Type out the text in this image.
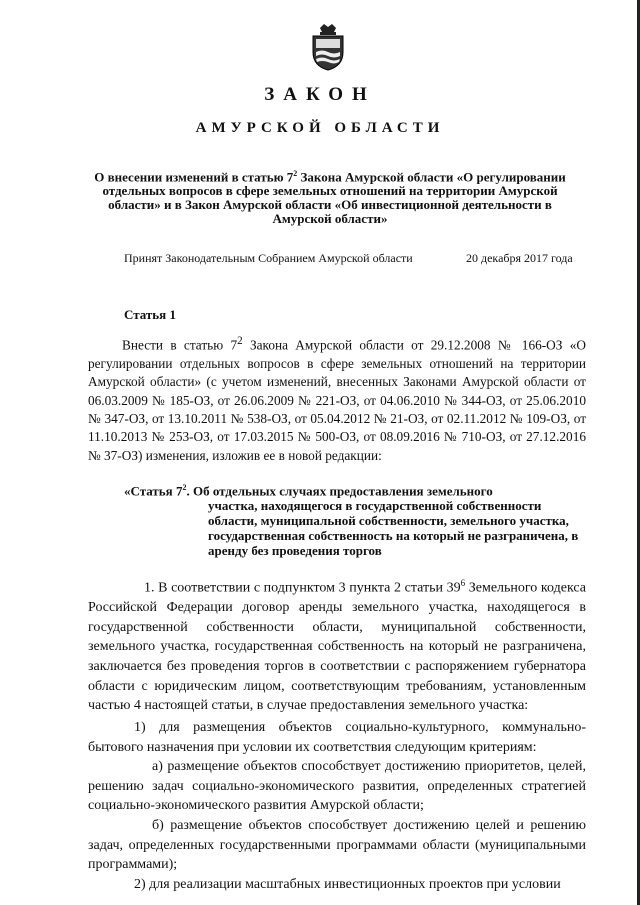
ЗАКОН
АМУРСКОЙ ОБЛАСТИ
О внесении изменений в статью $7^2$ Закона Амурской области «О регулировании отдельных вопросов в сфере земельных отношений на территории Амурской области» и в Закон Амурской области «Об инвестиционной деятельности в Амурской области»
Принят Законодательным Собранием Амурской области	20 декабря 2017 года
Статья 1
Внести в статью $7^2$ Закона Амурской области от 29.12.2008 № 166-ОЗ «О регулировании отдельных вопросов в сфере земельных отношений на территории Амурской области» (с учетом изменений, внесенных Законами Амурской области от 06.03.2009 № 185-ОЗ, от 26.06.2009 № 221-ОЗ, от 04.06.2010 № 344-ОЗ, от 25.06.2010 № 347-ОЗ, от 13.10.2011 № 538-ОЗ, от 05.04.2012 № 21-ОЗ, от 02.11.2012 № 109-ОЗ, от 11.10.2013 № 253-ОЗ, от 17.03.2015 № 500-ОЗ, от 08.09.2016 № 710-ОЗ, от 27.12.2016 № 37-ОЗ) изменения, изложив ее в новой редакции:
«Статья $7^2$. Об отдельных случаях предоставления земельного
участка, находящегося в государственной собственности области, муниципальной собственности, земельного участка, государственная собственность на который не разграничена, в аренду без проведения торгов
1. В соответствии с подпунктом 3 пункта 2 статьи $39^6$ Земельного кодекса Российской Федерации договор аренды земельного участка, находящегося в государственной собственности области, муниципальной собственности, земельного участка, государственная собственность на который не разграничена, заключается без проведения торгов в соответствии с распоряжением губернатора области с юридическим лицом, соответствующим требованиям, установленным частью 4 настоящей статьи, в случае предоставления земельного участка:
1) для размещения объектов социально-культурного, коммунально-бытового назначения при условии их соответствия следующим критериям:
а) размещение объектов способствует достижению приоритетов, целей, решению задач социально-экономического развития, определенных стратегией социально-экономического развития Амурской области;
б) размещение объектов способствует достижению целей и решению задач, определенных государственными программами области (муниципальными программами);
2) для реализации масштабных инвестиционных проектов при условии
